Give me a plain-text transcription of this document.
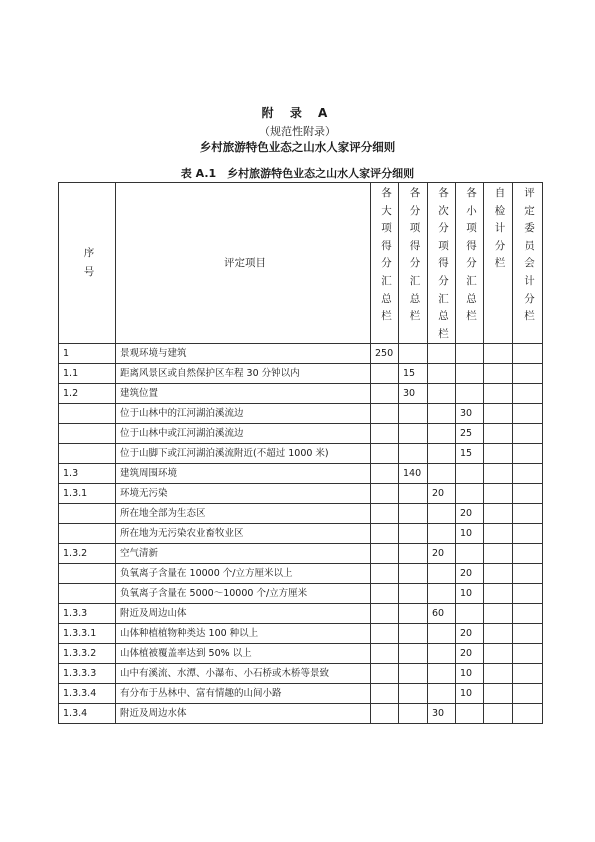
附 录 A
（规范性附录）
乡村旅游特色业态之山水人家评分细则
表 A.1　乡村旅游特色业态之山水人家评分细则
序号	评定项目	各大项得分汇总栏	各分项得分汇总栏	各次分项得分汇总栏	各小项得分汇总栏	自检计分栏	评定委员会计分栏

1	景观环境与建筑	250					
1.1	距离风景区或自然保护区车程 30 分钟以内		15				
1.2	建筑位置		30				
	位于山林中的江河湖泊溪流边				30		
	位于山林中或江河湖泊溪流边				25		
	位于山脚下或江河湖泊溪流附近(不超过 1000 米)				15		
1.3	建筑周围环境		140				
1.3.1	环境无污染			20			
	所在地全部为生态区				20		
	所在地为无污染农业畜牧业区				10		
1.3.2	空气清新			20			
	负氧离子含量在 10000 个/立方厘米以上				20		
	负氧离子含量在 5000～10000 个/立方厘米				10		
1.3.3	附近及周边山体			60			
1.3.3.1	山体种植植物种类达 100 种以上				20		
1.3.3.2	山体植被覆盖率达到 50% 以上				20		
1.3.3.3	山中有溪流、水潭、小瀑布、小石桥或木桥等景致				10		
1.3.3.4	有分布于丛林中、富有情趣的山间小路				10		
1.3.4	附近及周边水体			30			
